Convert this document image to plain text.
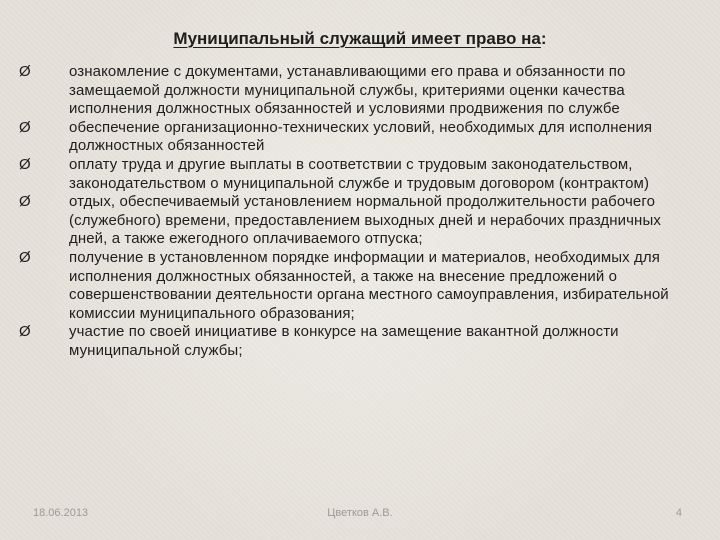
Муниципальный служащий имеет право на:
Ø	ознакомление с документами, устанавливающими его права и обязанности по замещаемой должности муниципальной службы, критериями оценки качества исполнения должностных обязанностей и условиями продвижения по службе
Ø	обеспечение организационно-технических условий, необходимых для исполнения должностных обязанностей
Ø	оплату труда и другие выплаты в соответствии с трудовым законодательством, законодательством о муниципальной службе и трудовым договором (контрактом)
Ø	отдых, обеспечиваемый установлением нормальной продолжительности рабочего (служебного) времени, предоставлением выходных дней и нерабочих праздничных дней, а также ежегодного оплачиваемого отпуска;
Ø	получение в установленном порядке информации и материалов, необходимых для исполнения должностных обязанностей, а также на внесение предложений о совершенствовании деятельности органа местного самоуправления, избирательной комиссии муниципального образования;
Ø	участие по своей инициативе в конкурсе на замещение вакантной должности муниципальной службы;
18.06.2013	Цветков А.В.	4
